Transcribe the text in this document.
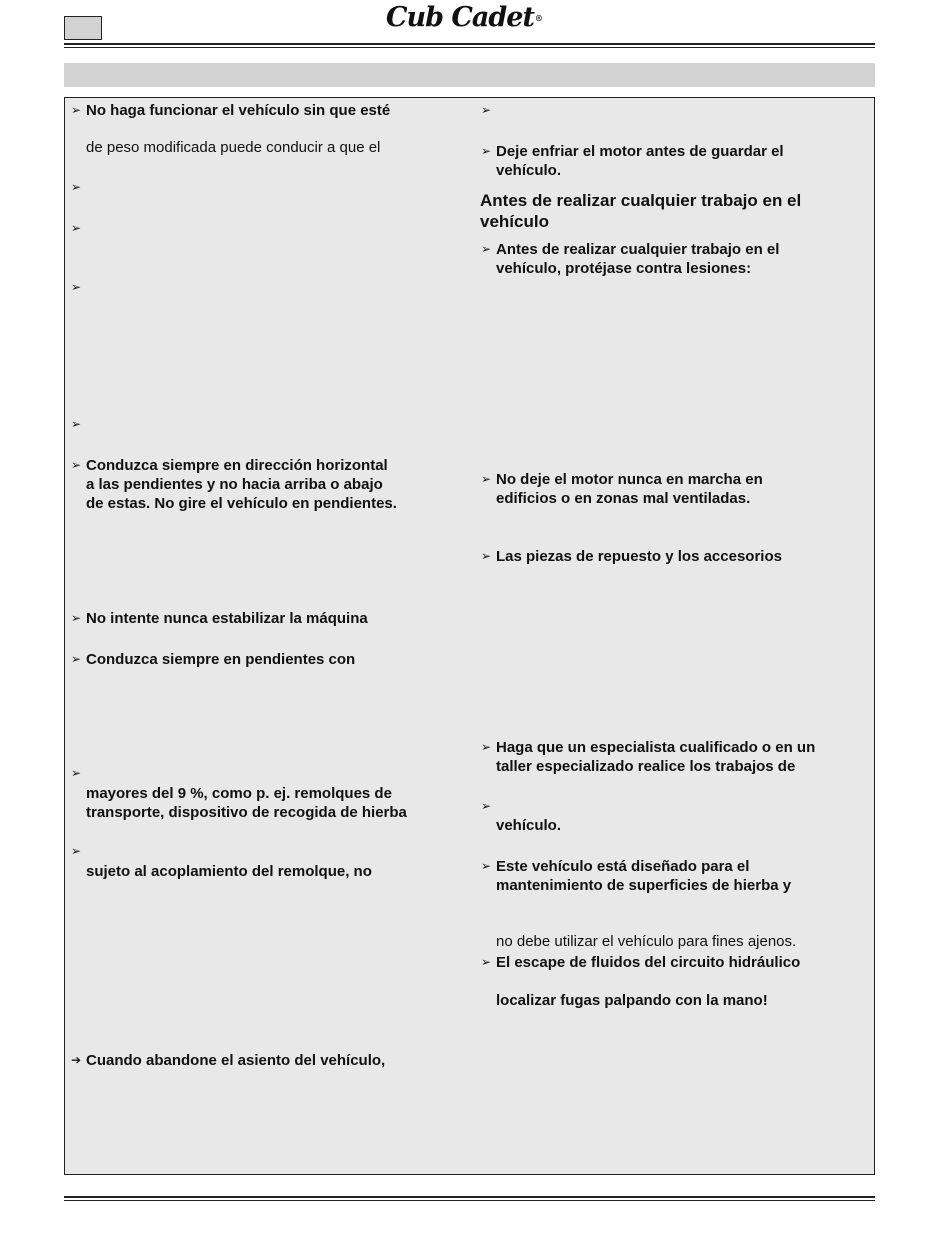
Cub Cadet®
➢ No haga funcionar el vehículo sin que esté
de peso modificada puede conducir a que el
➢
➢
➢
➢
➢ Conduzca siempre en dirección horizontal
a las pendientes y no hacia arriba o abajo
de estas. No gire el vehículo en pendientes.
➢ No intente nunca estabilizar la máquina
➢ Conduzca siempre en pendientes con
➢
mayores del 9 %, como p. ej. remolques de
transporte, dispositivo de recogida de hierba
➢
sujeto al acoplamiento del remolque, no
➔ Cuando abandone el asiento del vehículo,
➢
➢ Deje enfriar el motor antes de guardar el
vehículo.
Antes de realizar cualquier trabajo en el
vehículo
➢ Antes de realizar cualquier trabajo en el
vehículo, protéjase contra lesiones:
➢ No deje el motor nunca en marcha en
edificios o en zonas mal ventiladas.
➢ Las piezas de repuesto y los accesorios
➢ Haga que un especialista cualificado o en un
taller especializado realice los trabajos de
➢
vehículo.
➢ Este vehículo está diseñado para el
mantenimiento de superficies de hierba y
no debe utilizar el vehículo para fines ajenos.
➢ El escape de fluidos del circuito hidráulico
localizar fugas palpando con la mano!
